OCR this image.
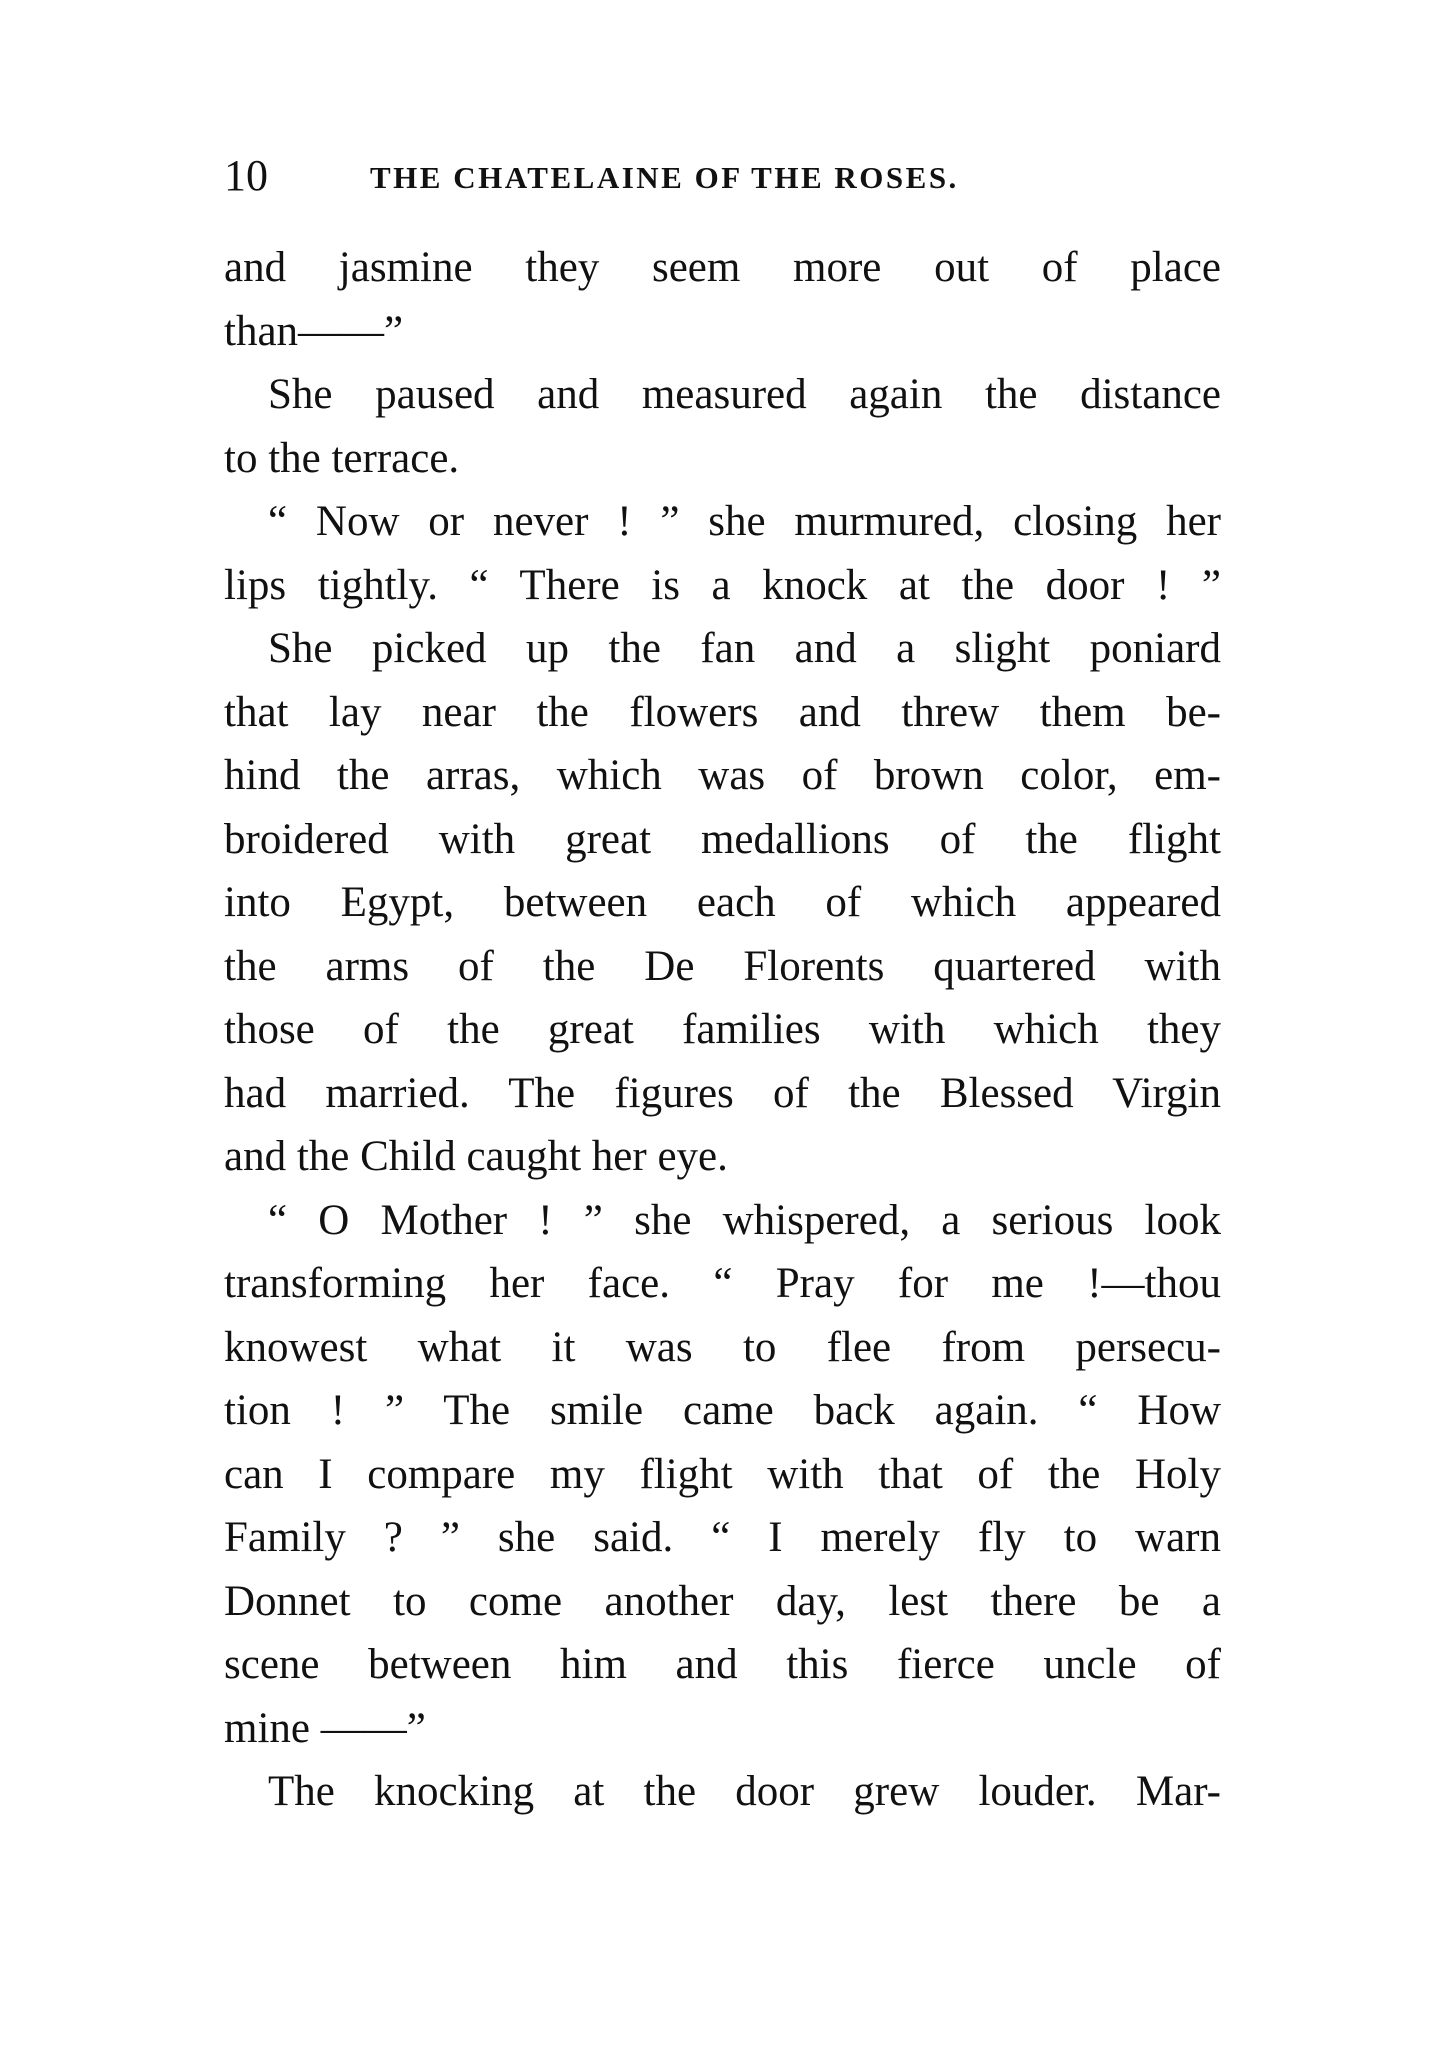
10	THE CHATELAINE OF THE ROSES.
and jasmine they seem more out of place
than——”
She paused and measured again the distance
to the terrace.
“ Now or never ! ” she murmured, closing her
lips tightly. “ There is a knock at the door ! ”
She picked up the fan and a slight poniard
that lay near the flowers and threw them be-
hind the arras, which was of brown color, em-
broidered with great medallions of the flight
into Egypt, between each of which appeared
the arms of the De Florents quartered with
those of the great families with which they
had married. The figures of the Blessed Virgin
and the Child caught her eye.
“ O Mother ! ” she whispered, a serious look
transforming her face. “ Pray for me !—thou
knowest what it was to flee from persecu-
tion ! ” The smile came back again. “ How
can I compare my flight with that of the Holy
Family ? ” she said. “ I merely fly to warn
Donnet to come another day, lest there be a
scene between him and this fierce uncle of
mine ——”
The knocking at the door grew louder. Mar-
